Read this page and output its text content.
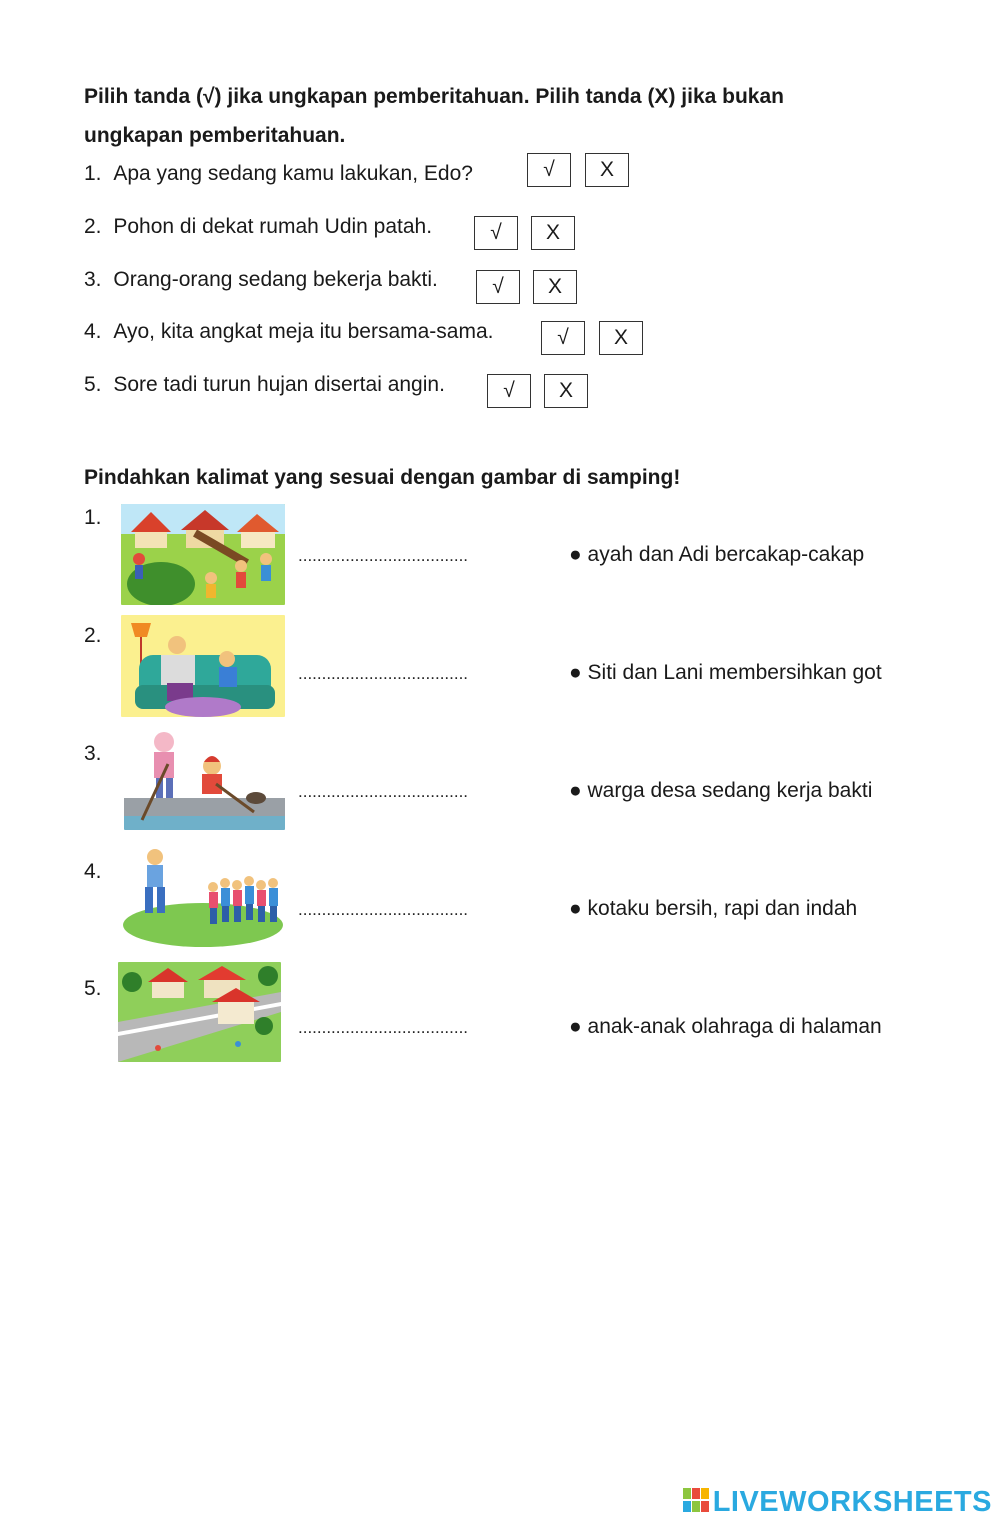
Pilih tanda (√) jika ungkapan pemberitahuan. Pilih tanda (X) jika bukan
ungkapan pemberitahuan.
1. Apa yang sedang kamu lakukan, Edo?	√	X
2. Pohon di dekat rumah Udin patah.	√	X
3. Orang-orang sedang bekerja bakti.	√	X
4. Ayo, kita angkat meja itu bersama-sama.	√	X
5. Sore tadi turun hujan disertai angin.	√	X
Pindahkan kalimat yang sesuai dengan gambar di samping!
1.
....................................	● ayah dan Adi bercakap-cakap
2.
....................................	● Siti dan Lani membersihkan got
3.
....................................	● warga desa sedang kerja bakti
4.
....................................	● kotaku bersih, rapi dan indah
5.
....................................	● anak-anak olahraga di halaman
LIVEWORKSHEETS
